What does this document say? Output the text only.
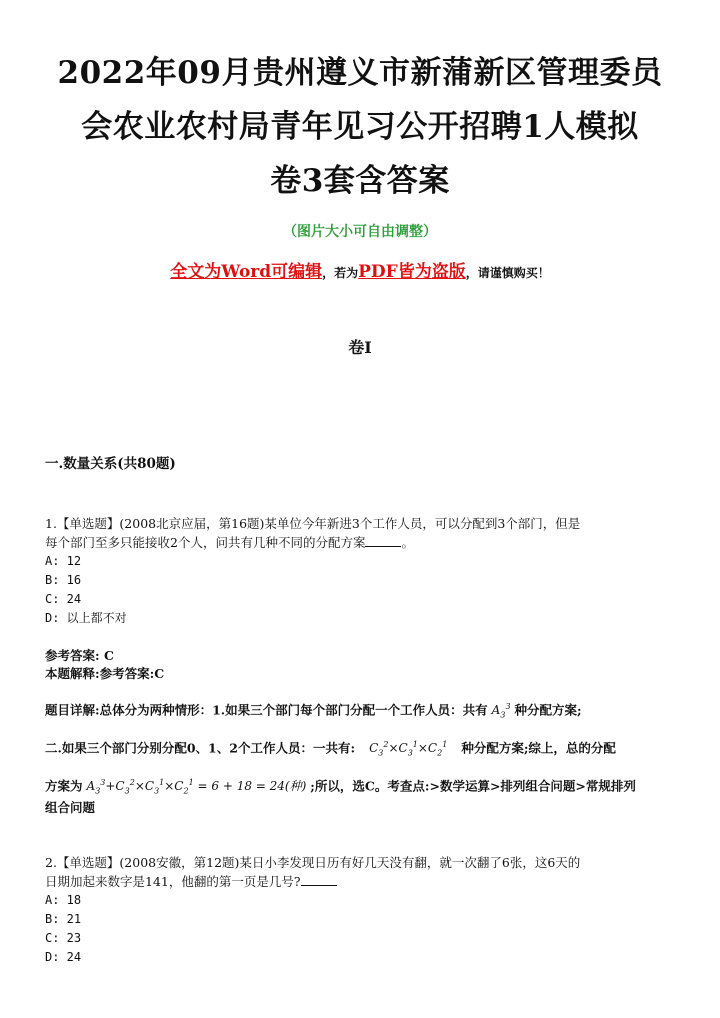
2022年09月贵州遵义市新蒲新区管理委员
会农业农村局青年见习公开招聘1人模拟
卷3套含答案
（图片大小可自由调整）
全文为Word可编辑，若为PDF皆为盗版，请谨慎购买！
卷I
一.数量关系(共80题)

1.【单选题】(2008北京应届，第16题)某单位今年新进3个工作人员，可以分配到3个部门，但是

每个部门至多只能接收2个人，问共有几种不同的分配方案	。

A: 12

B: 16

C: 24

D: 以上都不对

参考答案: C
本题解释:参考答案:C
题目详解:总体分为两种情形：1.如果三个部门每个部门分配一个工作人员：共有 $A_3^3$ 种分配方案;
二.如果三个部门分别分配0、1、2个工作人员：一共有: $C_3^2\times C_3^1\times C_2^1$ 种分配方案;综上，总的分配
方案为 $A_3^3+C_3^2\times C_3^1\times C_2^1 = 6 + 18 = 24$(种) ;所以，选C。考查点:>数学运算>排列组合问题>常规排列
组合问题

2.【单选题】(2008安徽，第12题)某日小李发现日历有好几天没有翻，就一次翻了6张，这6天的

日期加起来数字是141，他翻的第一页是几号?

A: 18

B: 21

C: 23

D: 24
